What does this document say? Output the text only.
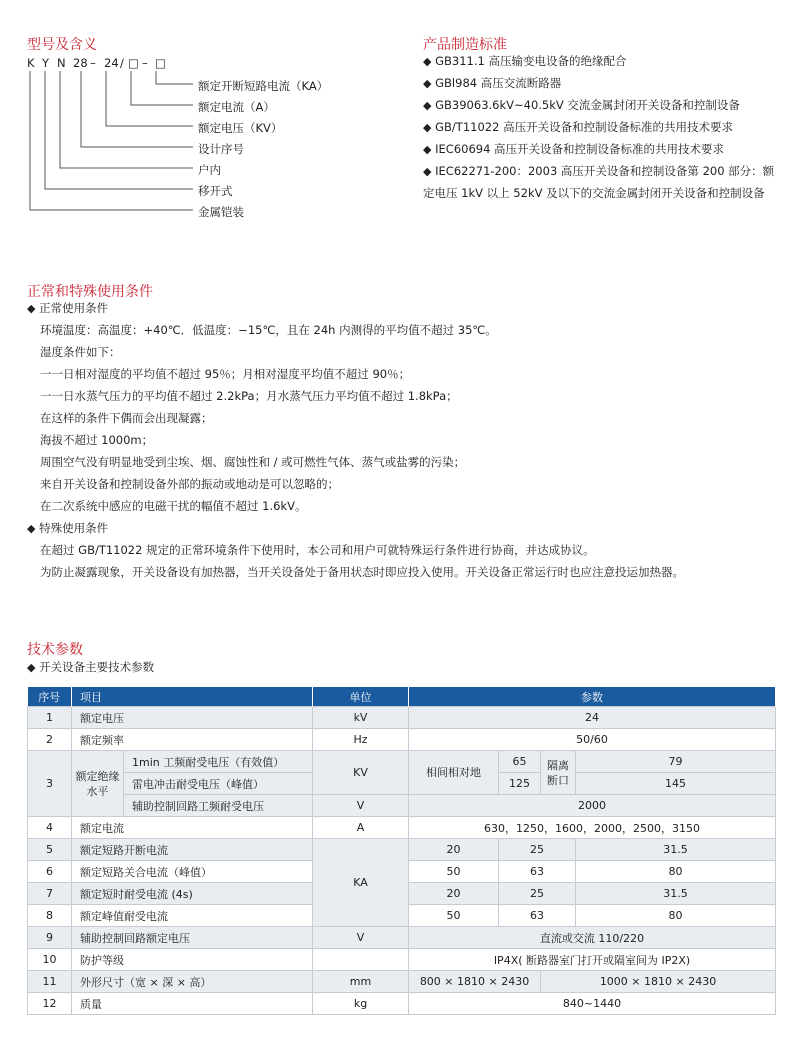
型号及含义
K Y N 28 – 24 / □ – □
额定开断短路电流（KA）
额定电流（A）
额定电压（KV）
设计序号
户内
移开式
金属铠装
产品制造标准
◆ GB311.1 高压输变电设备的绝缘配合
◆ GBl984 高压交流断路器
◆ GB39063.6kV~40.5kV 交流金属封闭开关设备和控制设备
◆ GB/T11022 高压开关设备和控制设备标准的共用技术要求
◆ IEC60694 高压开关设备和控制设备标准的共用技术要求
◆ IEC62271-200：2003 高压开关设备和控制设备第 200 部分：额
定电压 1kV 以上 52kV 及以下的交流金属封闭开关设备和控制设备
正常和特殊使用条件
◆ 正常使用条件
环境温度：高温度：+40℃．低温度：−15℃，且在 24h 内测得的平均值不超过 35℃。
湿度条件如下：
一一日相对湿度的平均值不超过 95％；月相对湿度平均值不超过 90％；
一一日水蒸气压力的平均值不超过 2.2kPa；月水蒸气压力平均值不超过 1.8kPa；
在这样的条件下偶而会出现凝露；
海拔不超过 1000m；
周围空气没有明显地受到尘埃、烟、腐蚀性和 / 或可燃性气体、蒸气或盐雾的污染；
来自开关设备和控制设备外部的振动或地动是可以忽略的；
在二次系统中感应的电磁干扰的幅值不超过 1.6kV。
◆ 特殊使用条件
在超过 GB/T11022 规定的正常环境条件下使用时，本公司和用户可就特殊运行条件进行协商，并达成协议。
为防止凝露现象，开关设备设有加热器，当开关设备处于备用状态时即应投入使用。开关设备正常运行时也应注意投运加热器。
技术参数
◆ 开关设备主要技术参数
序号	项目		单位	参数			
1	额定电压		kV	24			
2	额定频率		Hz	50/60			
3	额定绝缘水平	1min 工频耐受电压（有效值）	KV	相间相对地	65	隔离断口	79
		雷电冲击耐受电压（峰值）			125		145
		辅助控制回路工频耐受电压	V	2000			
4	额定电流		A	630，1250，1600，2000，2500，3150			
5	额定短路开断电流		KA	20	25		31.5
6	额定短路关合电流（峰值）			50	63		80
7	额定短时耐受电流 (4s)			20	25		31.5
8	额定峰值耐受电流			50	63		80
9	辅助控制回路额定电压		V	直流或交流 110/220			
10	防护等级			IP4X( 断路器室门打开或隔室间为 IP2X)			
11	外形尺寸（宽 × 深 × 高）		mm	800 × 1810 × 2430		1000 × 1810 × 2430	
12	质量		kg	840~1440			
